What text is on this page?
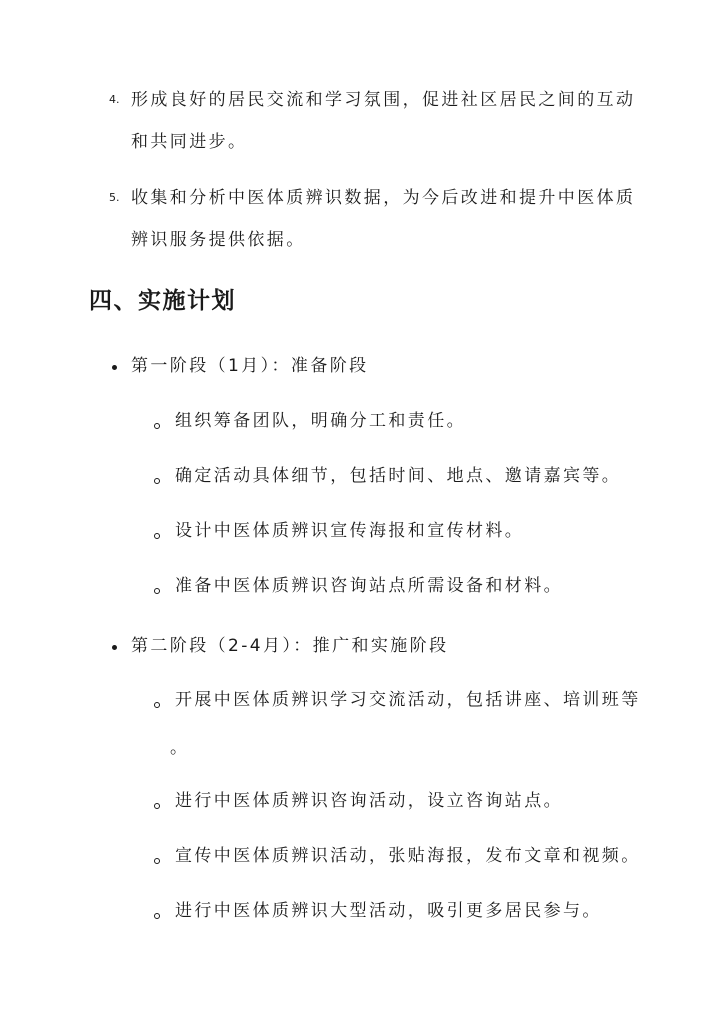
4. 形成良好的居民交流和学习氛围，促进社区居民之间的互动
和共同进步。
5. 收集和分析中医体质辨识数据，为今后改进和提升中医体质
辨识服务提供依据。
四、实施计划
第一阶段（1月）：准备阶段
组织筹备团队，明确分工和责任。
确定活动具体细节，包括时间、地点、邀请嘉宾等。
设计中医体质辨识宣传海报和宣传材料。
准备中医体质辨识咨询站点所需设备和材料。
第二阶段（2-4月）：推广和实施阶段
开展中医体质辨识学习交流活动，包括讲座、培训班等
。
进行中医体质辨识咨询活动，设立咨询站点。
宣传中医体质辨识活动，张贴海报，发布文章和视频。
进行中医体质辨识大型活动，吸引更多居民参与。
